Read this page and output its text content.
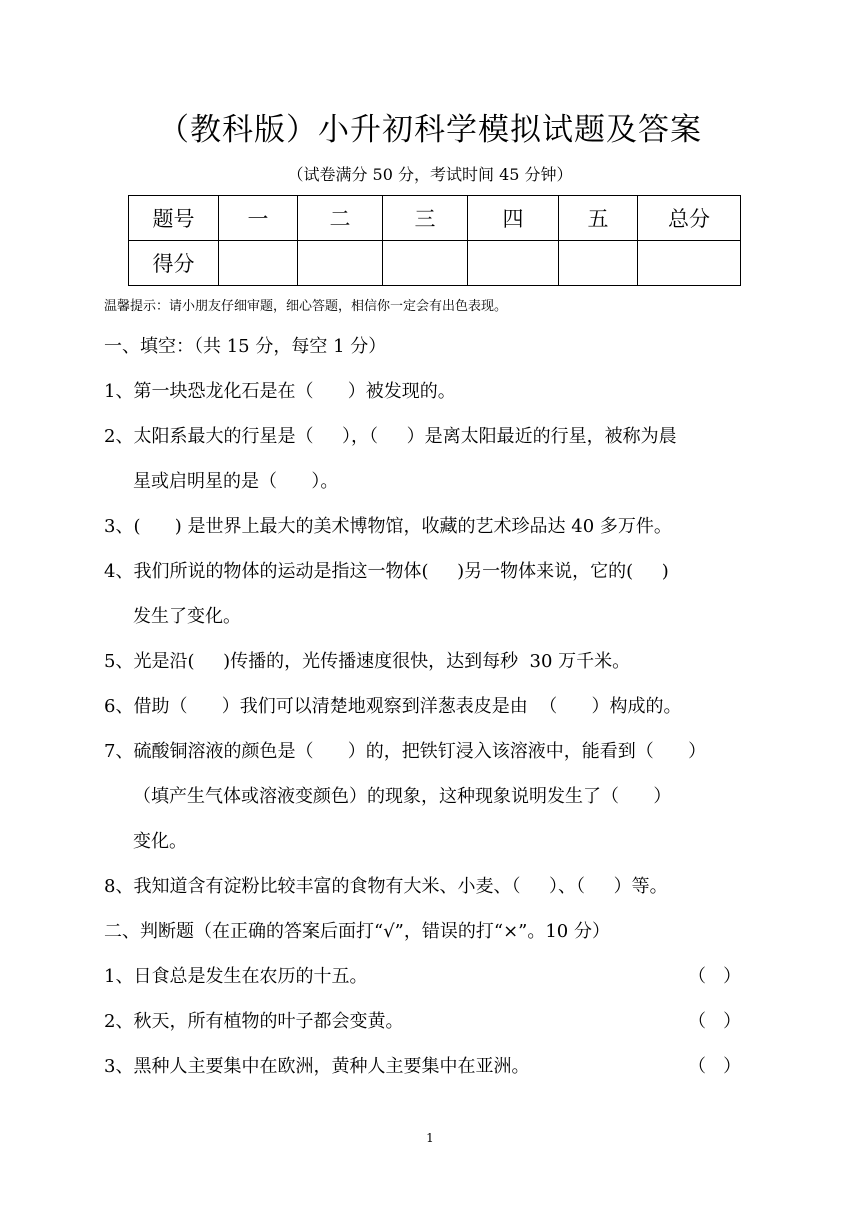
（教科版）小升初科学模拟试题及答案
（试卷满分 50 分，考试时间 45 分钟）
题号	一	二	三	四	五	总分
得分						
温馨提示：请小朋友仔细审题，细心答题，相信你一定会有出色表现。
一、填空：（共 15 分，每空 1 分）
1、第一块恐龙化石是在（      ）被发现的。
2、太阳系最大的行星是（     ），（     ）是离太阳最近的行星，被称为晨
星或启明星的是（      ）。
3、(      ) 是世界上最大的美术博物馆，收藏的艺术珍品达 40 多万件。
4、我们所说的物体的运动是指这一物体(     )另一物体来说，它的(     )
发生了变化。
5、光是沿(     )传播的，光传播速度很快，达到每秒  30 万千米。
6、借助（      ）我们可以清楚地观察到洋葱表皮是由  （      ）构成的。
7、硫酸铜溶液的颜色是（      ）的，把铁钉浸入该溶液中，能看到（      ）
（填产生气体或溶液变颜色）的现象，这种现象说明发生了（      ）
变化。
8、我知道含有淀粉比较丰富的食物有大米、小麦、（     ）、（     ）等。
二、判断题（在正确的答案后面打“√”，错误的打“×”。10 分）
1、日食总是发生在农历的十五。	（   ）
2、秋天，所有植物的叶子都会变黄。	（   ）
3、黑种人主要集中在欧洲，黄种人主要集中在亚洲。	（   ）
1
